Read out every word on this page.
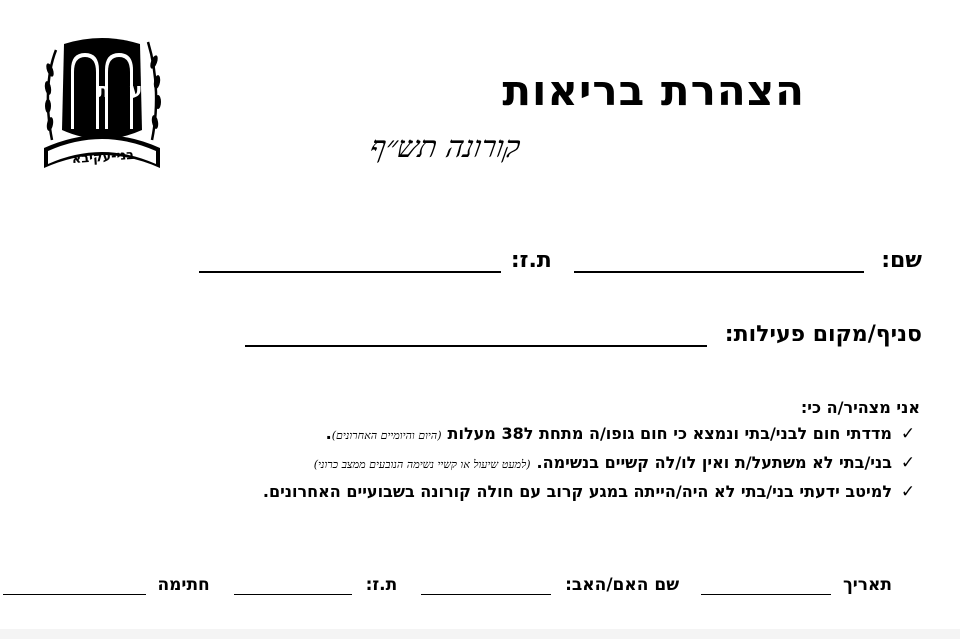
ת ע
בני-עקיבא
הצהרת בריאות
קורונה תש״ף
שם:  ת.ז:
סניף/מקום פעילות:
אני מצהיר/ה כי:
✓
מדדתי חום לבני/בתי ונמצא כי חום גופו/ה מתחת ל38 מעלות
(היום והיומיים האחרונים)
.
✓
בני/בתי לא משתעל/ת ואין לו/לה קשיים בנשימה.
(למעט שיעול או קשיי נשימה הנובעים ממצב כרוני)
✓
למיטב ידעתי בני/בתי לא היה/הייתה במגע קרוב עם חולה קורונה בשבועיים האחרונים.
תאריך  שם האם/האב:  ת.ז:  חתימה
